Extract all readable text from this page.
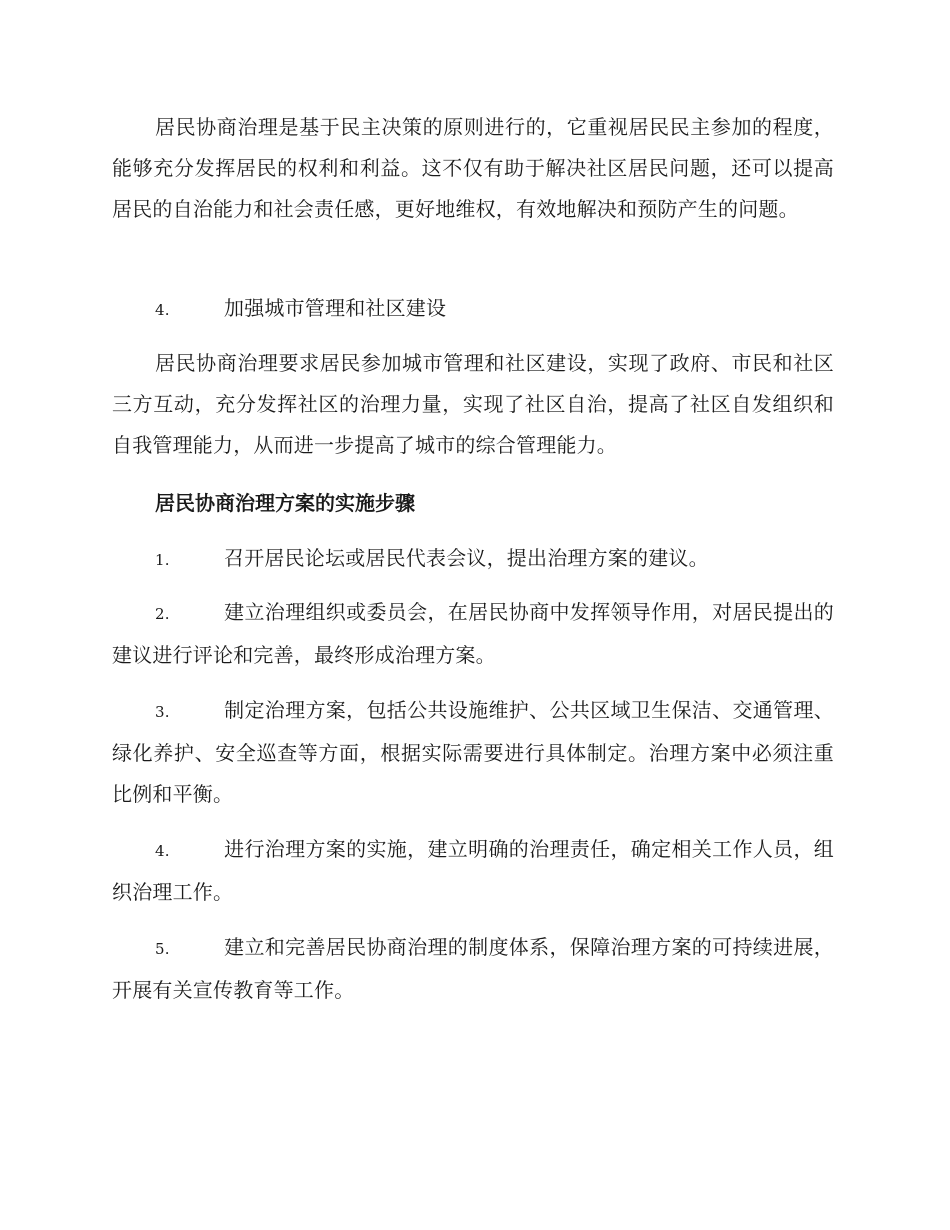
居民协商治理是基于民主决策的原则进行的，它重视居民民主参加的程度，能够充分发挥居民的权利和利益。这不仅有助于解决社区居民问题，还可以提高居民的自治能力和社会责任感，更好地维权，有效地解决和预防产生的问题。

4.	加强城市管理和社区建设

居民协商治理要求居民参加城市管理和社区建设，实现了政府、市民和社区三方互动，充分发挥社区的治理力量，实现了社区自治，提高了社区自发组织和自我管理能力，从而进一步提高了城市的综合管理能力。

居民协商治理方案的实施步骤

1.	召开居民论坛或居民代表会议，提出治理方案的建议。

2.	建立治理组织或委员会，在居民协商中发挥领导作用，对居民提出的建议进行评论和完善，最终形成治理方案。

3.	制定治理方案，包括公共设施维护、公共区域卫生保洁、交通管理、绿化养护、安全巡查等方面，根据实际需要进行具体制定。治理方案中必须注重比例和平衡。

4.	进行治理方案的实施，建立明确的治理责任，确定相关工作人员，组织治理工作。

5.	建立和完善居民协商治理的制度体系，保障治理方案的可持续进展，开展有关宣传教育等工作。
